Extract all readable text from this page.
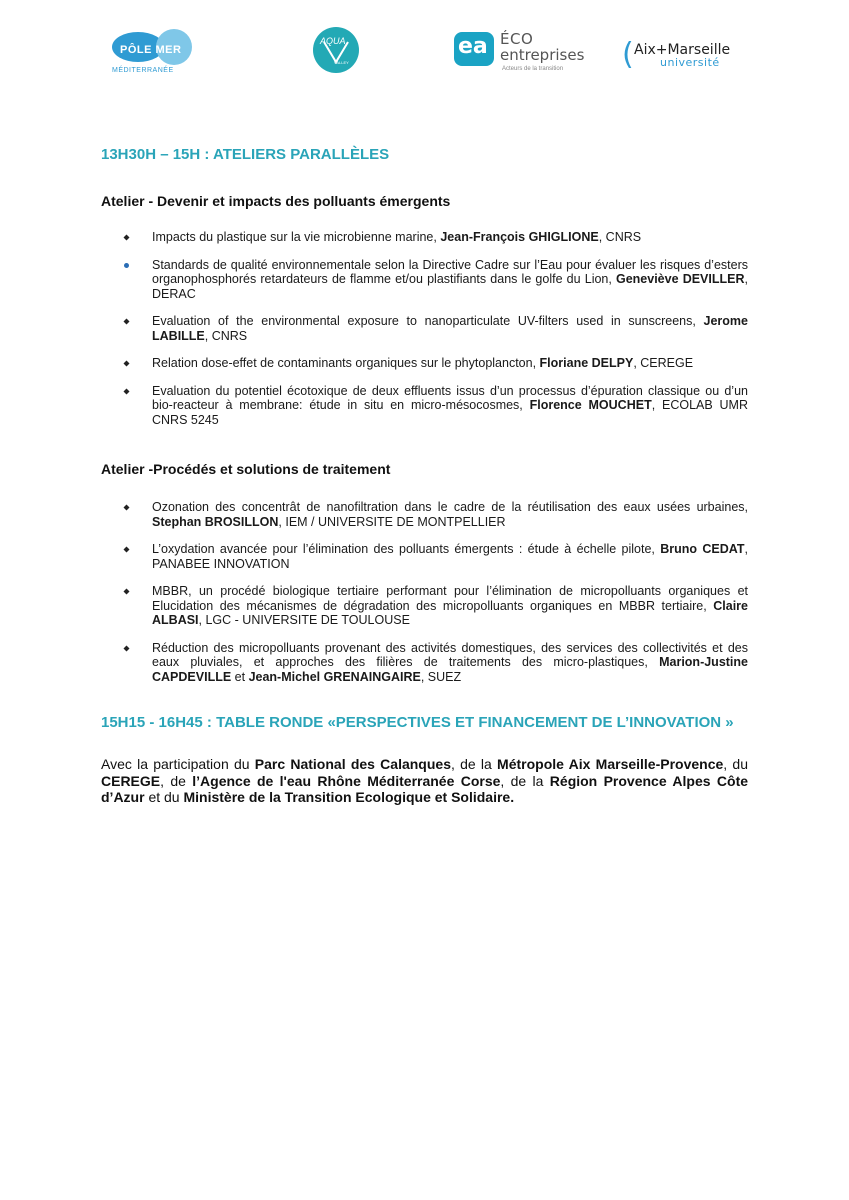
PÔLE MER
MÉDITERRANÉE
AQUA
VALLEY
ea ÉCO
entreprises
Acteurs de la transition ( Aix+Marseille
université
13H30H – 15H : ATELIERS PARALLÈLES
Atelier - Devenir et impacts des polluants émergents
Impacts du plastique sur la vie microbienne marine, Jean-François GHIGLIONE, CNRS
Standards de qualité environnementale selon la Directive Cadre sur l’Eau pour évaluer les risques d’esters organophosphorés retardateurs de flamme et/ou plastifiants dans le golfe du Lion, Geneviève DEVILLER, DERAC
Evaluation of the environmental exposure to nanoparticulate UV-filters used in sunscreens, Jerome LABILLE, CNRS
Relation dose-effet de contaminants organiques sur le phytoplancton, Floriane DELPY, CEREGE
Evaluation du potentiel écotoxique de deux effluents issus d’un processus d’épuration classique ou d’un bio-reacteur à membrane: étude in situ en micro-mésocosmes, Florence MOUCHET, ECOLAB UMR CNRS 5245
Atelier -Procédés et solutions de traitement
Ozonation des concentrât de nanofiltration dans le cadre de la réutilisation des eaux usées urbaines, Stephan BROSILLON, IEM / UNIVERSITE DE MONTPELLIER
L’oxydation avancée pour l’élimination des polluants émergents : étude à échelle pilote, Bruno CEDAT, PANABEE INNOVATION
MBBR, un procédé biologique tertiaire performant pour l’élimination de micropolluants organiques et Elucidation des mécanismes de dégradation des micropolluants organiques en MBBR tertiaire, Claire ALBASI, LGC - UNIVERSITE DE TOULOUSE
Réduction des micropolluants provenant des activités domestiques, des services des collectivités et des eaux pluviales, et approches des filières de traitements des micro-plastiques, Marion-Justine CAPDEVILLE et Jean-Michel GRENAINGAIRE, SUEZ
15H15 - 16H45 : TABLE RONDE «PERSPECTIVES ET FINANCEMENT DE L’INNOVATION »

Avec la participation du Parc National des Calanques, de la Métropole Aix Marseille-Provence, du CEREGE, de l’Agence de l'eau Rhône Méditerranée Corse, de la Région Provence Alpes Côte d’Azur et du Ministère de la Transition Ecologique et Solidaire.
